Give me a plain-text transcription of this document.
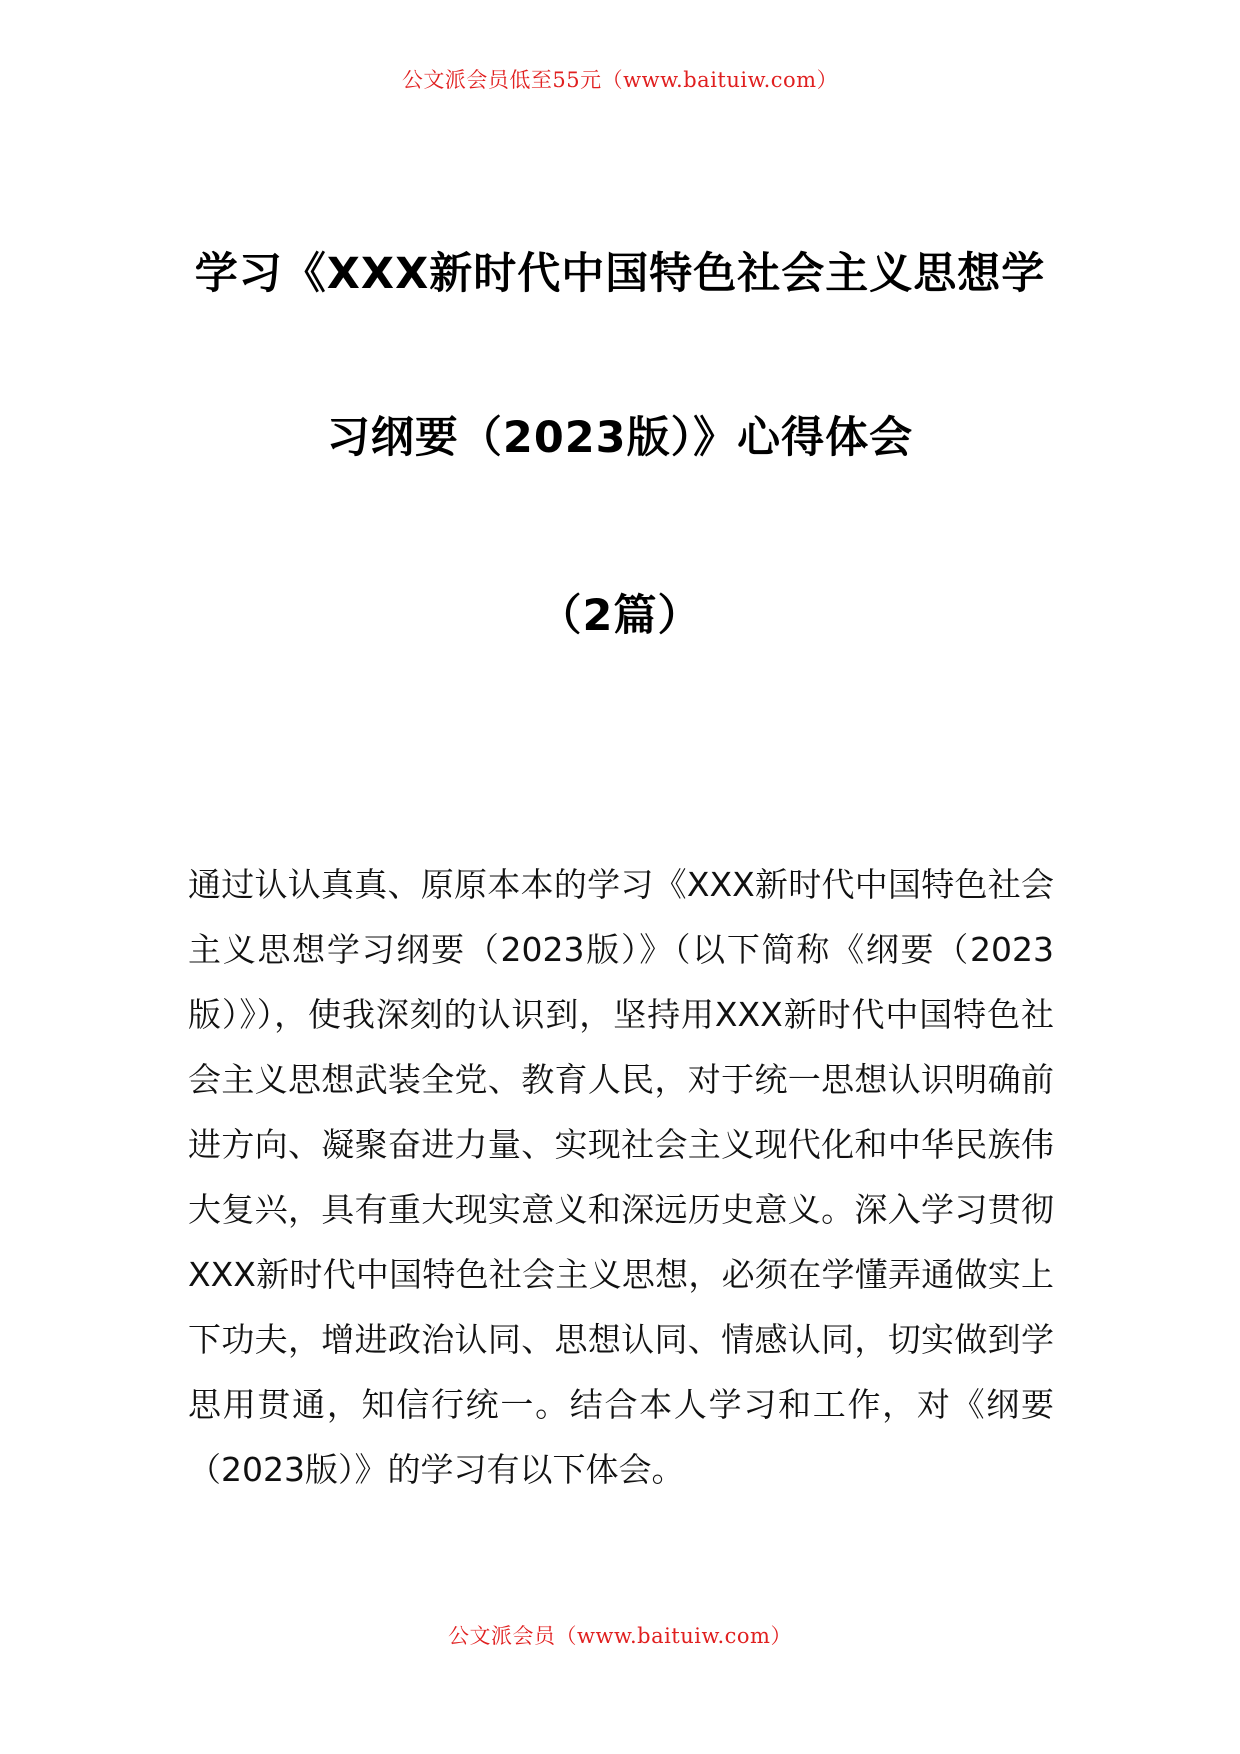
公文派会员低至55元（www.baituiw.com）
学习《XXX新时代中国特色社会主义思想学
习纲要（2023版）》心得体会
（2篇）

通过认认真真、原原本本的学习《XXX新时代中国特色社会主义思想学习纲要（2023版）》（以下简称《纲要（2023版）》），使我深刻的认识到，坚持用XXX新时代中国特色社会主义思想武装全党、教育人民，对于统一思想认识明确前进方向、凝聚奋进力量、实现社会主义现代化和中华民族伟大复兴，具有重大现实意义和深远历史意义。深入学习贯彻XXX新时代中国特色社会主义思想，必须在学懂弄通做实上下功夫，增进政治认同、思想认同、情感认同，切实做到学思用贯通，知信行统一。结合本人学习和工作，对《纲要（2023版）》的学习有以下体会。

公文派会员（www.baituiw.com）
